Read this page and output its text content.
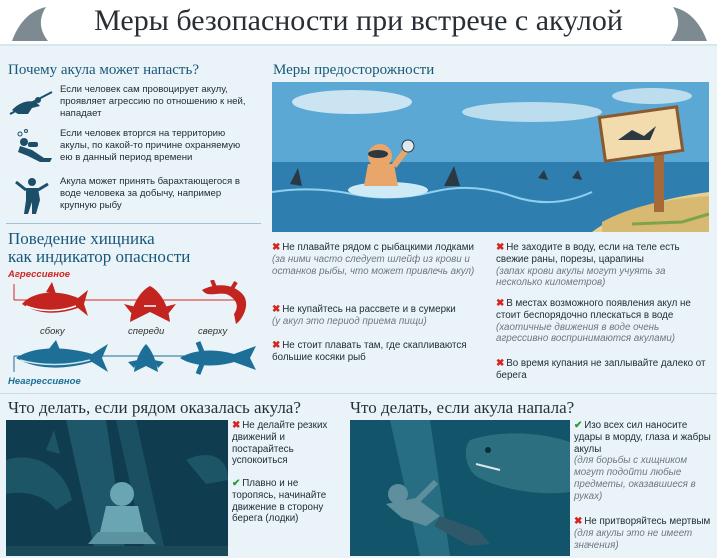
Меры безопасности при встрече с акулой
Почему акула может напасть?
Если человек сам провоцирует акулу, проявляет агрессию по отношению к ней, нападает
Если человек вторгся на территорию акулы, по какой-то причине охраняемую ею в данный период времени
Акула может принять барахтающегося в воде человека за добычу, например крупную рыбу
Поведение хищника
как индикатор опасности
Агрессивное
сбоку	спереди	сверху
Неагрессивное
Меры предосторожности
✖ Не плавайте рядом с рыбацкими лодками
(за ними часто следует шлейф из крови и останков рыбы, что может привлечь акул)
✖ Не купайтесь на рассвете и в сумерки
(у акул это период приема пищи)
✖ Не стоит плавать там, где скапливаются большие косяки рыб
✖ Не заходите в воду, если на теле есть свежие раны, порезы, царапины
(запах крови акулы могут учуять за несколько километров)
✖ В местах возможного появления акул не стоит беспорядочно плескаться в воде
(хаотичные движения в воде очень агрессивно воспринимаются акулами)
✖ Во время купания не заплывайте далеко от берега
Что делать, если рядом оказалась акула?
✖ Не делайте резких движений и постарайтесь успокоиться
✔ Плавно и не торопясь, начинайте движение в сторону берега (лодки)
Что делать, если акула напала?
✔ Изо всех сил наносите удары в морду, глаза и жабры акулы
(для борьбы с хищником могут подойти любые предметы, оказавшиеся в руках)
✖ Не притворяйтесь мертвым
(для акулы это не имеет значения)
